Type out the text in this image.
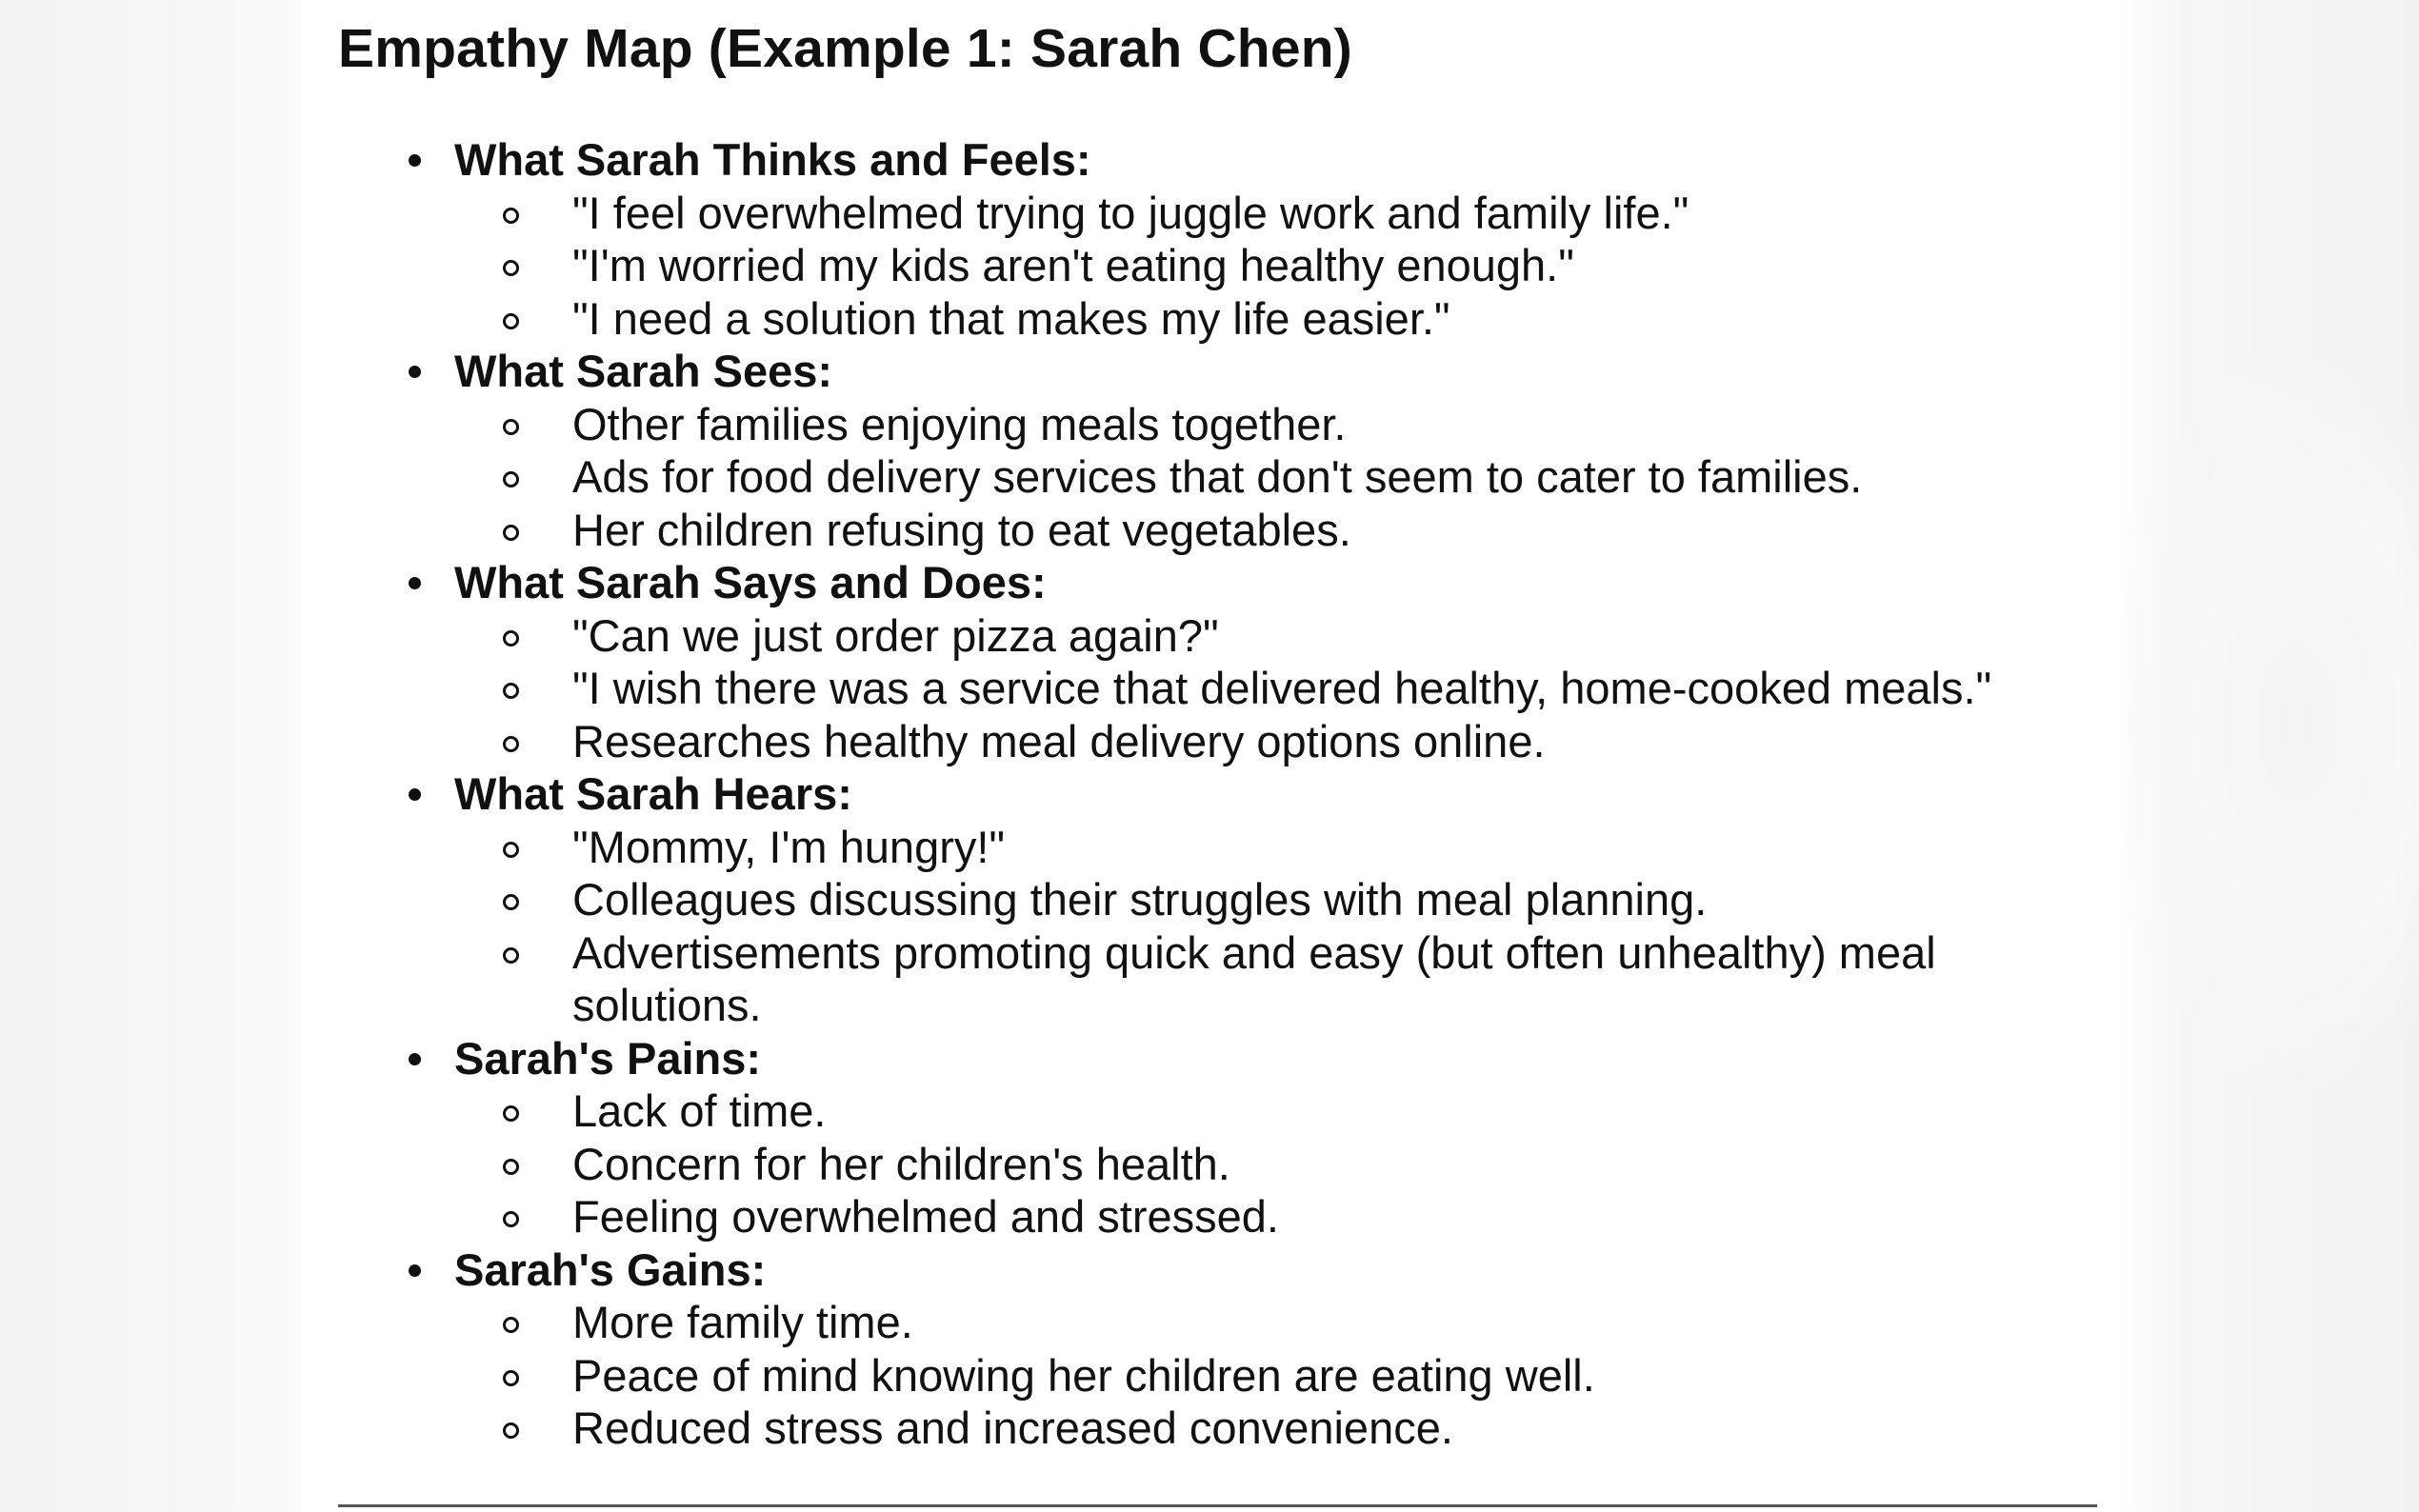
Empathy Map (Example 1: Sarah Chen)
What Sarah Thinks and Feels:
"I feel overwhelmed trying to juggle work and family life."
"I'm worried my kids aren't eating healthy enough."
"I need a solution that makes my life easier."
What Sarah Sees:
Other families enjoying meals together.
Ads for food delivery services that don't seem to cater to families.
Her children refusing to eat vegetables.
What Sarah Says and Does:
"Can we just order pizza again?"
"I wish there was a service that delivered healthy, home-cooked meals."
Researches healthy meal delivery options online.
What Sarah Hears:
"Mommy, I'm hungry!"
Colleagues discussing their struggles with meal planning.
Advertisements promoting quick and easy (but often unhealthy) meal solutions.
Sarah's Pains:
Lack of time.
Concern for her children's health.
Feeling overwhelmed and stressed.
Sarah's Gains:
More family time.
Peace of mind knowing her children are eating well.
Reduced stress and increased convenience.
